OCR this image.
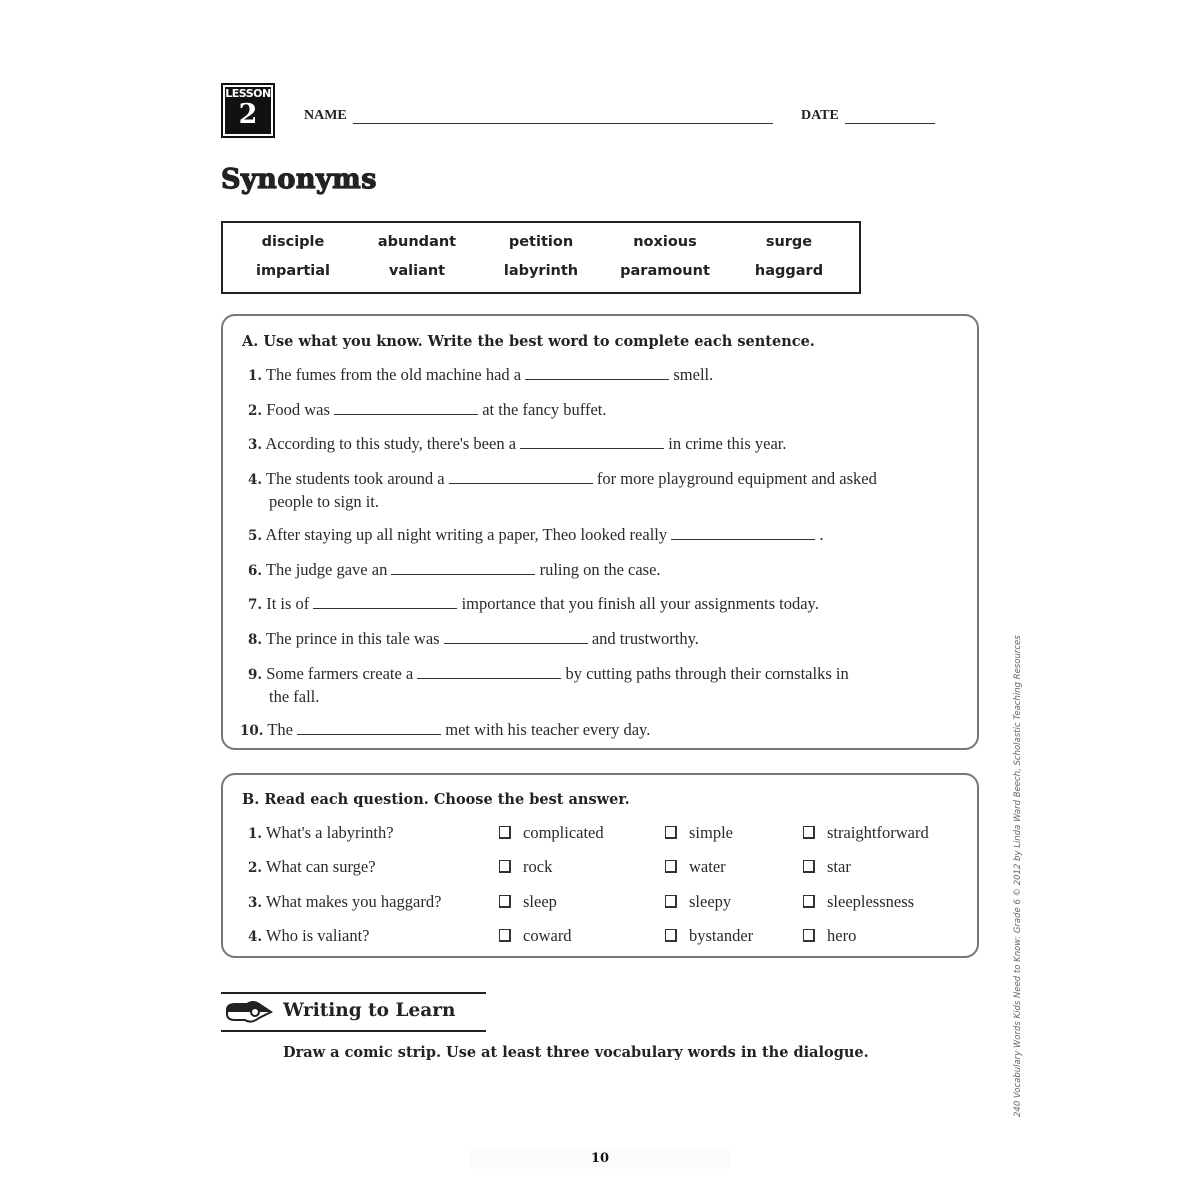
LESSON
2	NAME	DATE
Synonyms
disciple	abundant	petition	noxious	surge
impartial	valiant	labyrinth	paramount	haggard
A. Use what you know. Write the best word to complete each sentence.
1. The fumes from the old machine had a	smell.
2. Food was	at the fancy buffet.
3. According to this study, there's been a	in crime this year.
4. The students took around a	for more playground equipment and asked
people to sign it.
5. After staying up all night writing a paper, Theo looked really	.
6. The judge gave an	ruling on the case.
7. It is of	importance that you finish all your assignments today.
8. The prince in this tale was	and trustworthy.
9. Some farmers create a	by cutting paths through their cornstalks in
the fall.
10. The	met with his teacher every day.
B. Read each question. Choose the best answer.
1. What's a labyrinth?	complicated	simple	straightforward
2. What can surge?	rock	water	star
3. What makes you haggard?	sleep	sleepy	sleeplessness
4. Who is valiant?	coward	bystander	hero
Writing to Learn
Draw a comic strip. Use at least three vocabulary words in the dialogue.	240 Vocabulary Words Kids Need to Know: Grade 6 © 2012 by Linda Ward Beech, Scholastic Teaching Resources
10
